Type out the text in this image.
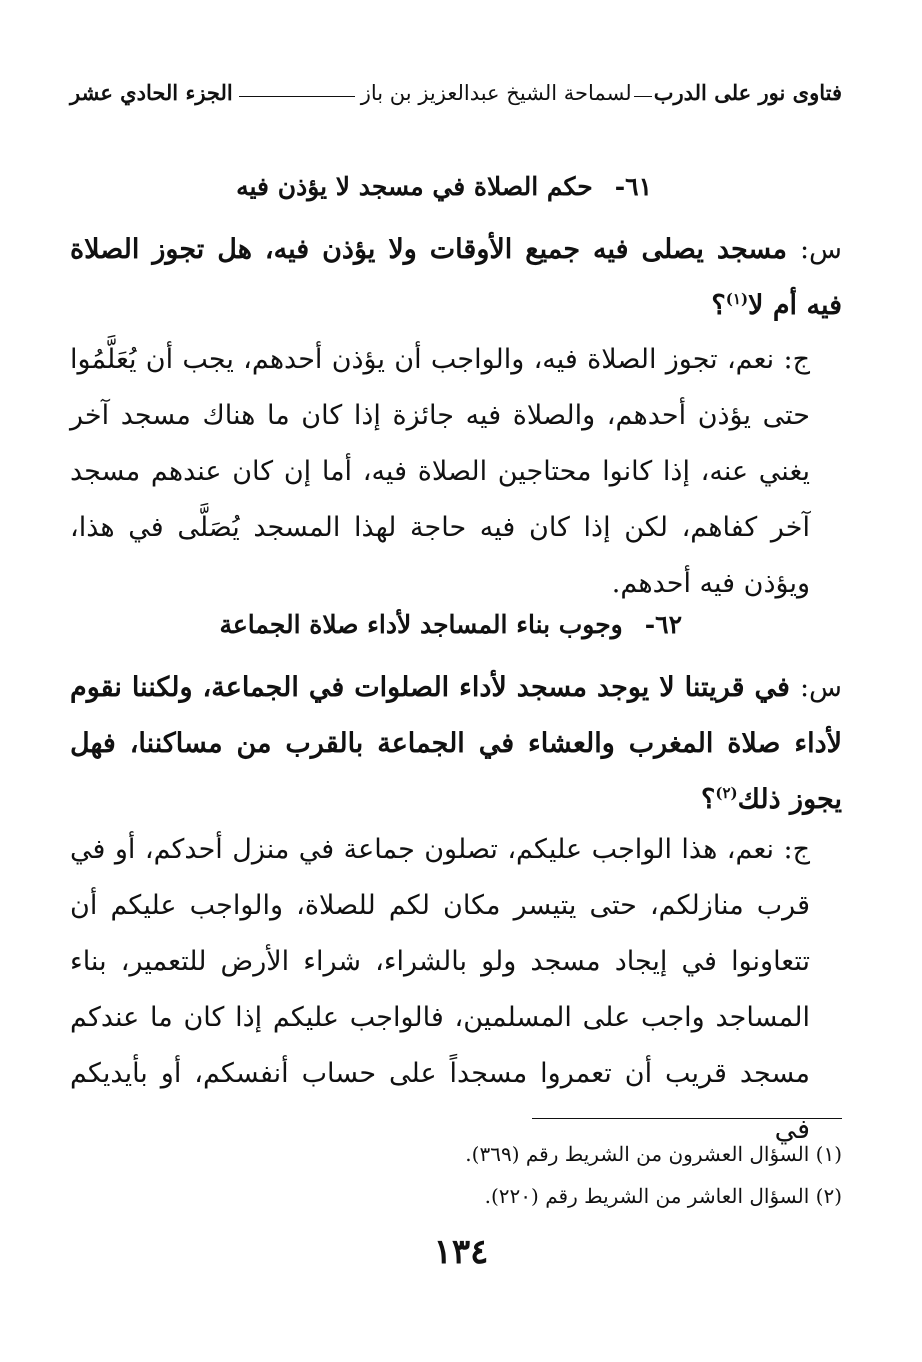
فتاوى نور على الدرب
لسماحة الشيخ عبدالعزيز بن باز
الجزء الحادي عشر
٦١-حكم الصلاة في مسجد لا يؤذن فيه
س: مسجد يصلى فيه جميع الأوقات ولا يؤذن فيه، هل تجوز الصلاة فيه أم لا$^{(١)}$؟
ج: نعم، تجوز الصلاة فيه، والواجب أن يؤذن أحدهم، يجب أن يُعَلَّمُوا حتى يؤذن أحدهم، والصلاة فيه جائزة إذا كان ما هناك مسجد آخر يغني عنه، إذا كانوا محتاجين الصلاة فيه، أما إن كان عندهم مسجد آخر كفاهم، لكن إذا كان فيه حاجة لهذا المسجد يُصَلَّى في هذا، ويؤذن فيه أحدهم.
٦٢-وجوب بناء المساجد لأداء صلاة الجماعة
س: في قريتنا لا يوجد مسجد لأداء الصلوات في الجماعة، ولكننا نقوم لأداء صلاة المغرب والعشاء في الجماعة بالقرب من مساكننا، فهل يجوز ذلك$^{(٢)}$؟
ج: نعم، هذا الواجب عليكم، تصلون جماعة في منزل أحدكم، أو في قرب منازلكم، حتى يتيسر مكان لكم للصلاة، والواجب عليكم أن تتعاونوا في إيجاد مسجد ولو بالشراء، شراء الأرض للتعمير، بناء المساجد واجب على المسلمين، فالواجب عليكم إذا كان ما عندكم مسجد قريب أن تعمروا مسجداً على حساب أنفسكم، أو بأيديكم في
(١) السؤال العشرون من الشريط رقم (٣٦٩).
(٢) السؤال العاشر من الشريط رقم (٢٢٠).
١٣٤
